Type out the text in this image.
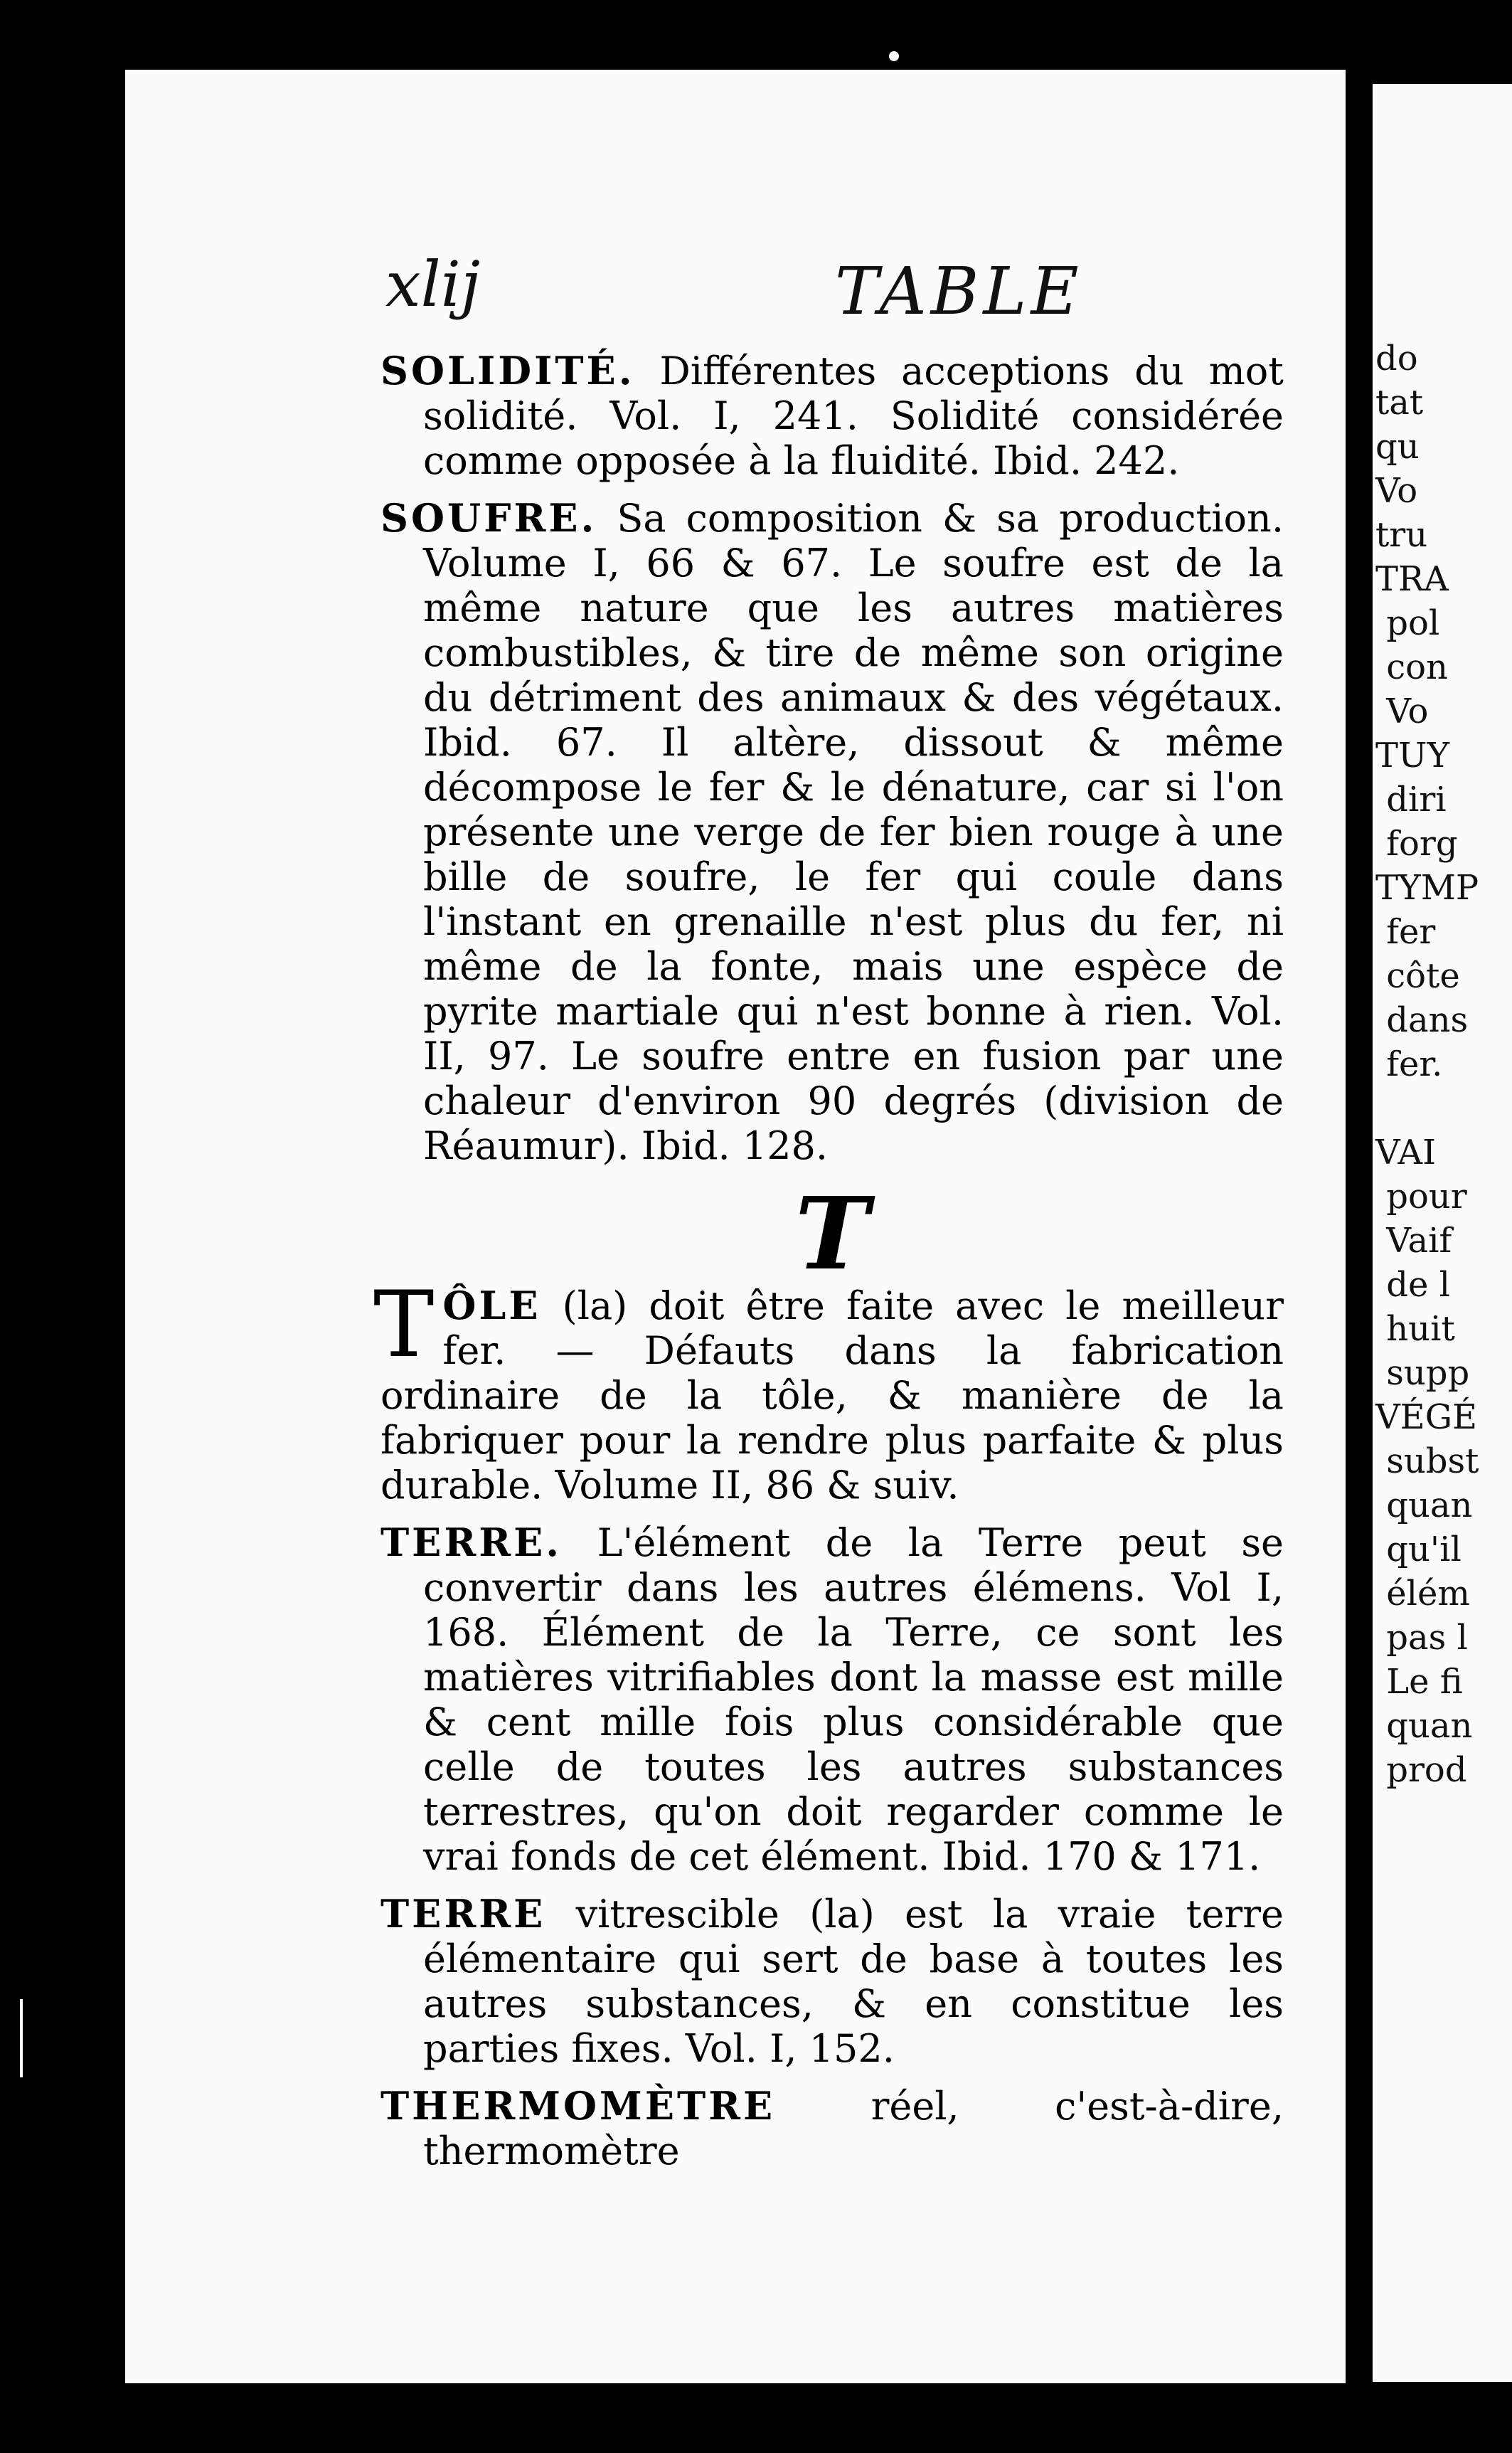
xlij	TABLE

SOLIDITÉ. Différentes acceptions du mot solidité. Vol. I, 241. Solidité considérée comme opposée à la fluidité. Ibid. 242.

SOUFRE. Sa composition & sa production. Volume I, 66 & 67. Le soufre est de la même nature que les autres matières combustibles, & tire de même son origine du détriment des animaux & des végétaux. Ibid. 67. Il altère, dissout & même décompose le fer & le dénature, car si l'on présente une verge de fer bien rouge à une bille de soufre, le fer qui coule dans l'instant en grenaille n'est plus du fer, ni même de la fonte, mais une espèce de pyrite martiale qui n'est bonne à rien. Vol. II, 97. Le soufre entre en fusion par une chaleur d'environ 90 degrés (division de Réaumur). Ibid. 128.

T

TÔLE (la) doit être faite avec le meilleur fer. — Défauts dans la fabrication ordinaire de la tôle, & manière de la fabriquer pour la rendre plus parfaite & plus durable. Volume II, 86 & suiv.

TERRE. L'élément de la Terre peut se convertir dans les autres élémens. Vol I, 168. Élément de la Terre, ce sont les matières vitrifiables dont la masse est mille & cent mille fois plus considérable que celle de toutes les autres substances terrestres, qu'on doit regarder comme le vrai fonds de cet élément. Ibid. 170 & 171.

TERRE vitrescible (la) est la vraie terre élémentaire qui sert de base à toutes les autres substances, & en constitue les parties fixes. Vol. I, 152.

THERMOMÈTRE réel, c'est-à-dire, thermomètre

do
tat
qu
Vo
tru
TRA
pol
con
Vo
TUY
diri
forg
TYMP
fer
côte
dans
fer.

VAI
pour
Vaif
de l
huit
supp
VÉGÉ
subst
quan
qu'il
élém
pas l
Le fi
quan
prod
